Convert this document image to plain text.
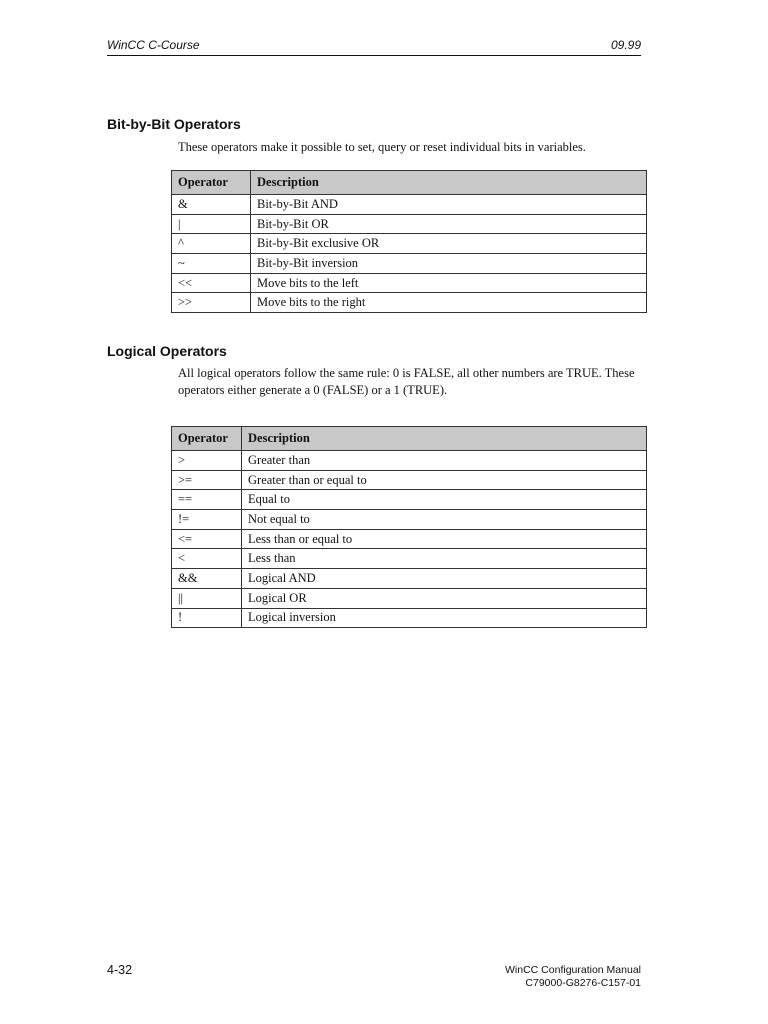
WinCC C-Course	09.99
Bit-by-Bit Operators
These operators make it possible to set, query or reset individual bits in variables.
Operator	Description
&	Bit-by-Bit AND
|	Bit-by-Bit OR
^	Bit-by-Bit exclusive OR
~	Bit-by-Bit inversion
<<	Move bits to the left
>>	Move bits to the right
Logical Operators
All logical operators follow the same rule: 0 is FALSE, all other numbers are TRUE. These operators either generate a 0 (FALSE) or a 1 (TRUE).
Operator	Description
>	Greater than
>=	Greater than or equal to
==	Equal to
!=	Not equal to
<=	Less than or equal to
<	Less than
&&	Logical AND
||	Logical OR
!	Logical inversion
4-32	WinCC Configuration Manual
C79000-G8276-C157-01
